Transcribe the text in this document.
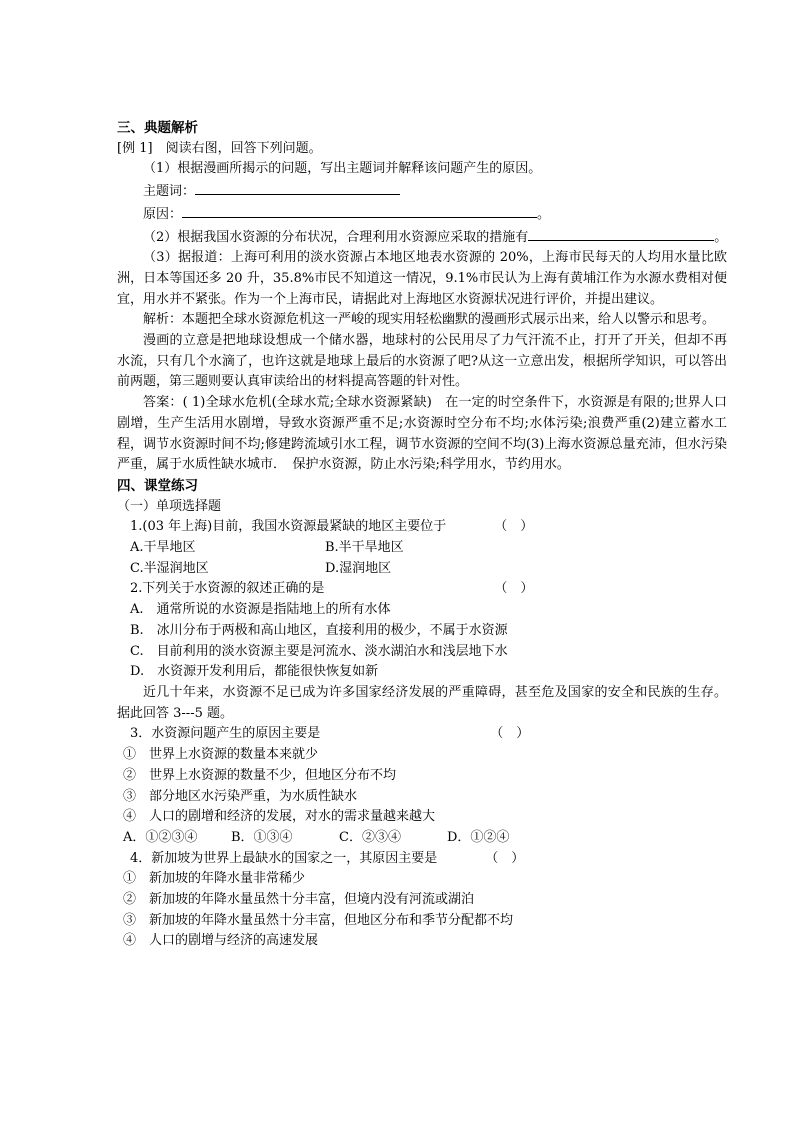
三、典题解析
[例 1]　 阅读右图，回答下列问题。
（1）根据漫画所揭示的问题，写出主题词并解释该问题产生的原因。
主题词：
原因：	。
（2）根据我国水资源的分布状况，合理利用水资源应采取的措施有	。
（3）据报道：上海可利用的淡水资源占本地区地表水资源的 20%，上海市民每天的人均用水量比欧洲，日本等国还多 20 升，35.8%市民不知道这一情况，9.1%市民认为上海有黄埔江作为水源水费相对便宜，用水并不紧张。作为一个上海市民，请据此对上海地区水资源状况进行评价，并提出建议。
解析：本题把全球水资源危机这一严峻的现实用轻松幽默的漫画形式展示出来，给人以警示和思考。
漫画的立意是把地球设想成一个储水器，地球村的公民用尽了力气汗流不止，打开了开关，但却不再水流，只有几个水滴了，也许这就是地球上最后的水资源了吧?从这一立意出发，根据所学知识，可以答出前两题，第三题则要认真审读给出的材料提高答题的针对性。
答案：( 1)全球水危机(全球水荒;全球水资源紧缺)　在一定的时空条件下，水资源是有限的;世界人口剧增，生产生活用水剧增，导致水资源严重不足;水资源时空分布不均;水体污染;浪费严重(2)建立蓄水工程，调节水资源时间不均;修建跨流域引水工程，调节水资源的空间不均(3)上海水资源总量充沛，但水污染严重，属于水质性缺水城市．　保护水资源，防止水污染;科学用水，节约用水。
四、课堂练习
（一）单项选择题
1.(03 年上海)目前，我国水资源最紧缺的地区主要位于	（　）
A.干旱地区	B.半干旱地区
C.半湿润地区	D.湿润地区
2.下列关于水资源的叙述正确的是	（　）
A.　通常所说的水资源是指陆地上的所有水体
B.　冰川分布于两极和高山地区，直接利用的极少，不属于水资源
C.　目前利用的淡水资源主要是河流水、淡水湖泊水和浅层地下水
D.　水资源开发利用后，都能很快恢复如新
近几十年来，水资源不足已成为许多国家经济发展的严重障碍，甚至危及国家的安全和民族的生存。据此回答 3---5 题。
3．水资源问题产生的原因主要是	（　）
①　世界上水资源的数量本来就少
②　世界上水资源的数量不少，但地区分布不均
③　部分地区水污染严重，为水质性缺水
④　人口的剧增和经济的发展，对水的需求量越来越大
A．①②③④	B．①③④	C．②③④	D．①②④
4．新加坡为世界上最缺水的国家之一，其原因主要是	（　）
①　新加坡的年降水量非常稀少
②　新加坡的年降水量虽然十分丰富，但境内没有河流或湖泊
③　新加坡的年降水量虽然十分丰富，但地区分布和季节分配都不均
④　人口的剧增与经济的高速发展
